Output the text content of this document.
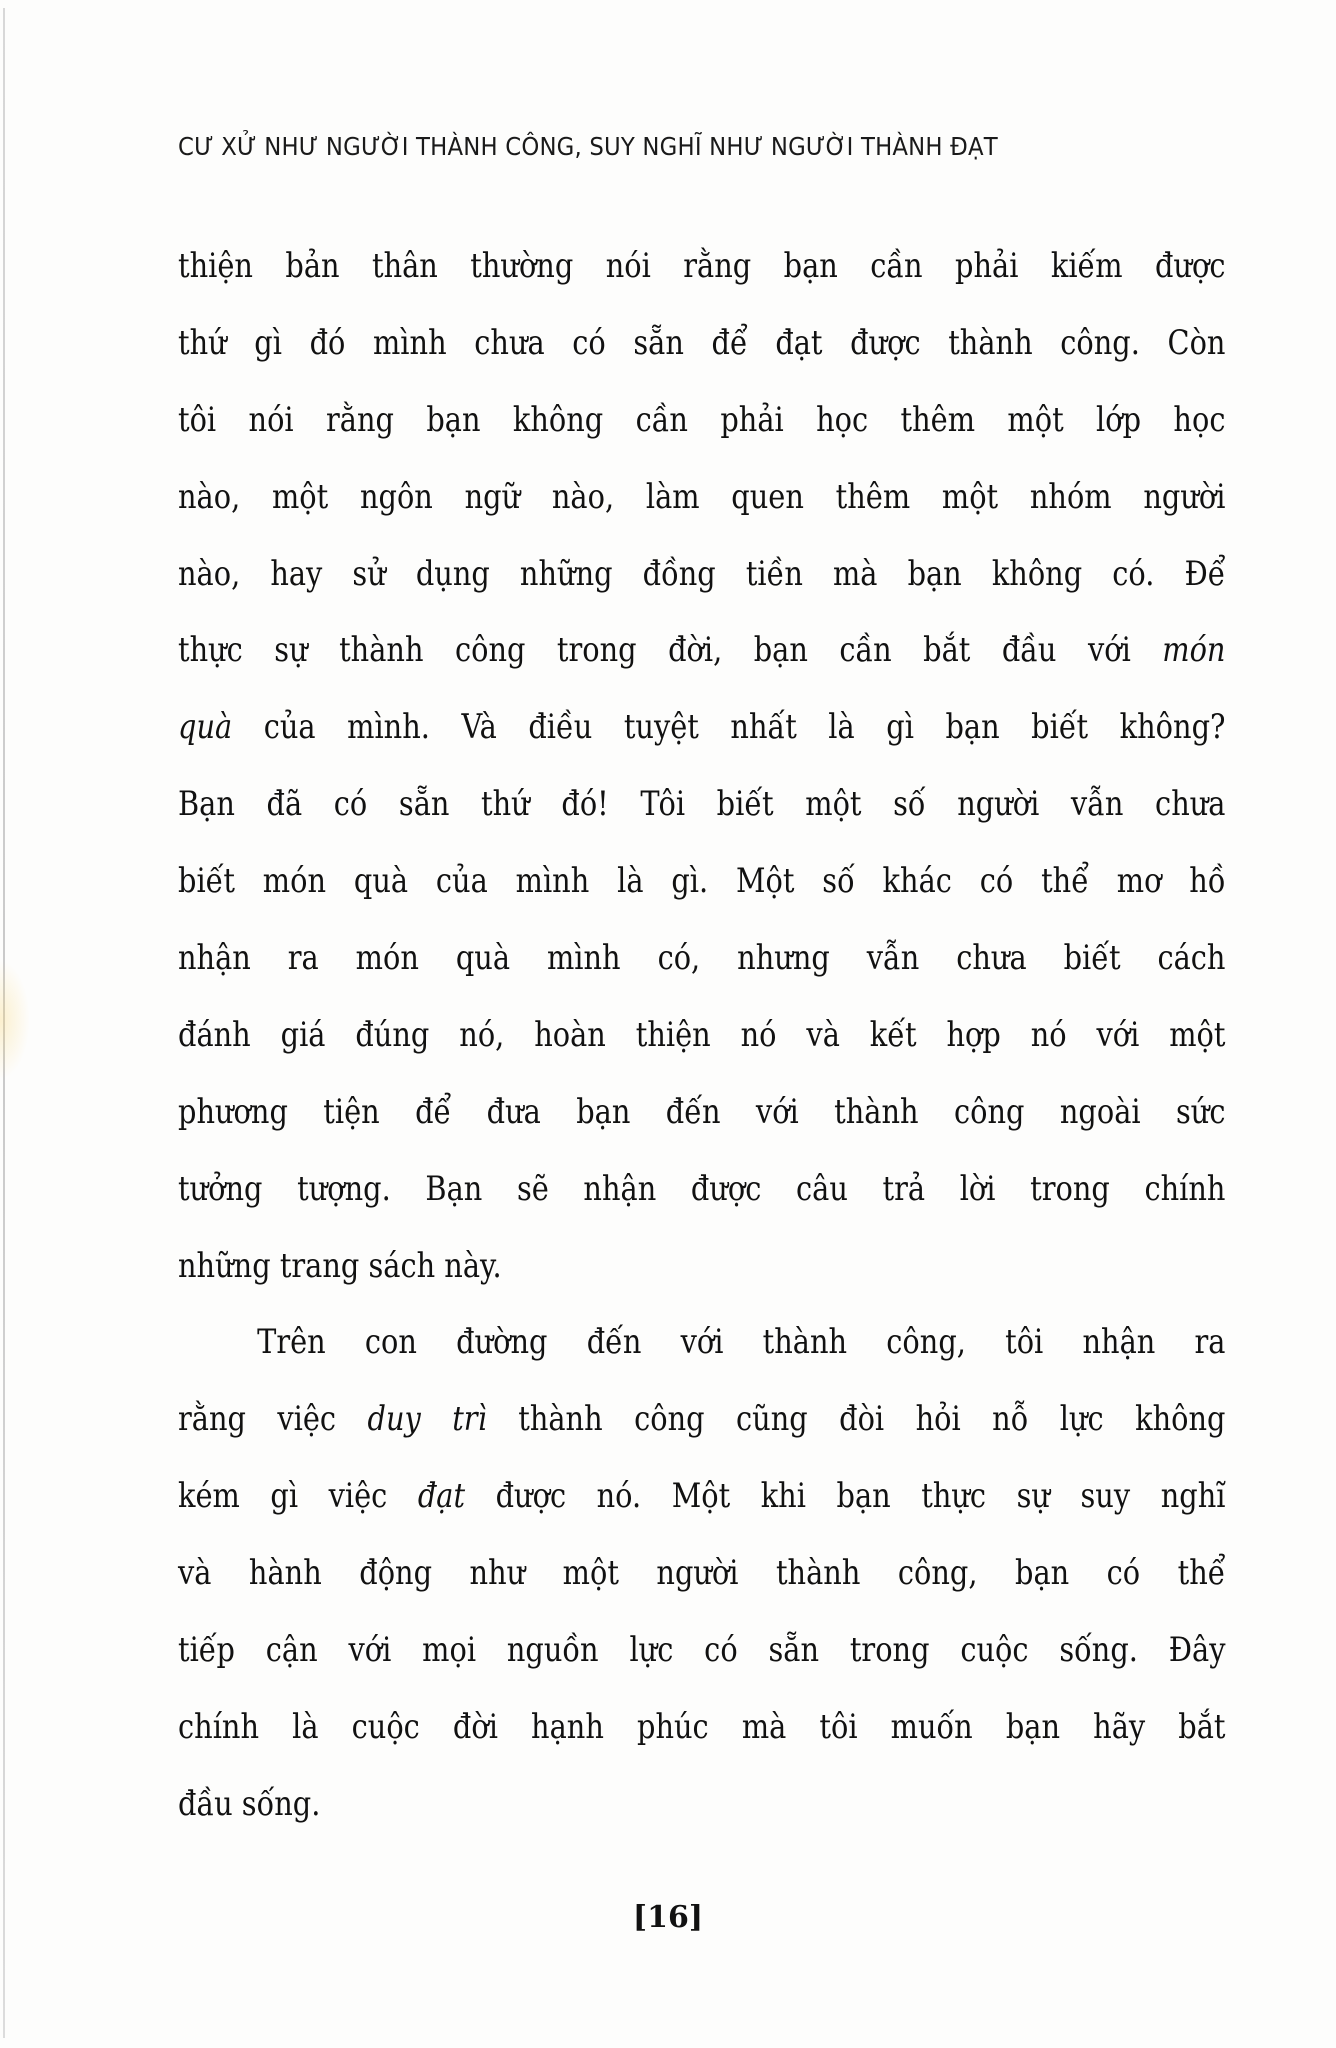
CƯ XỬ NHƯ NGƯỜI THÀNH CÔNG, SUY NGHĨ NHƯ NGƯỜI THÀNH ĐẠT
thiện bản thân thường nói rằng bạn cần phải kiếm được
thứ gì đó mình chưa có sẵn để đạt được thành công. Còn
tôi nói rằng bạn không cần phải học thêm một lớp học
nào, một ngôn ngữ nào, làm quen thêm một nhóm người
nào, hay sử dụng những đồng tiền mà bạn không có. Để
thực sự thành công trong đời, bạn cần bắt đầu với món
quà của mình. Và điều tuyệt nhất là gì bạn biết không?
Bạn đã có sẵn thứ đó! Tôi biết một số người vẫn chưa
biết món quà của mình là gì. Một số khác có thể mơ hồ
nhận ra món quà mình có, nhưng vẫn chưa biết cách
đánh giá đúng nó, hoàn thiện nó và kết hợp nó với một
phương tiện để đưa bạn đến với thành công ngoài sức
tưởng tượng. Bạn sẽ nhận được câu trả lời trong chính
những trang sách này.
Trên con đường đến với thành công, tôi nhận ra
rằng việc duy trì thành công cũng đòi hỏi nỗ lực không
kém gì việc đạt được nó. Một khi bạn thực sự suy nghĩ
và hành động như một người thành công, bạn có thể
tiếp cận với mọi nguồn lực có sẵn trong cuộc sống. Đây
chính là cuộc đời hạnh phúc mà tôi muốn bạn hãy bắt
đầu sống.
[16]
